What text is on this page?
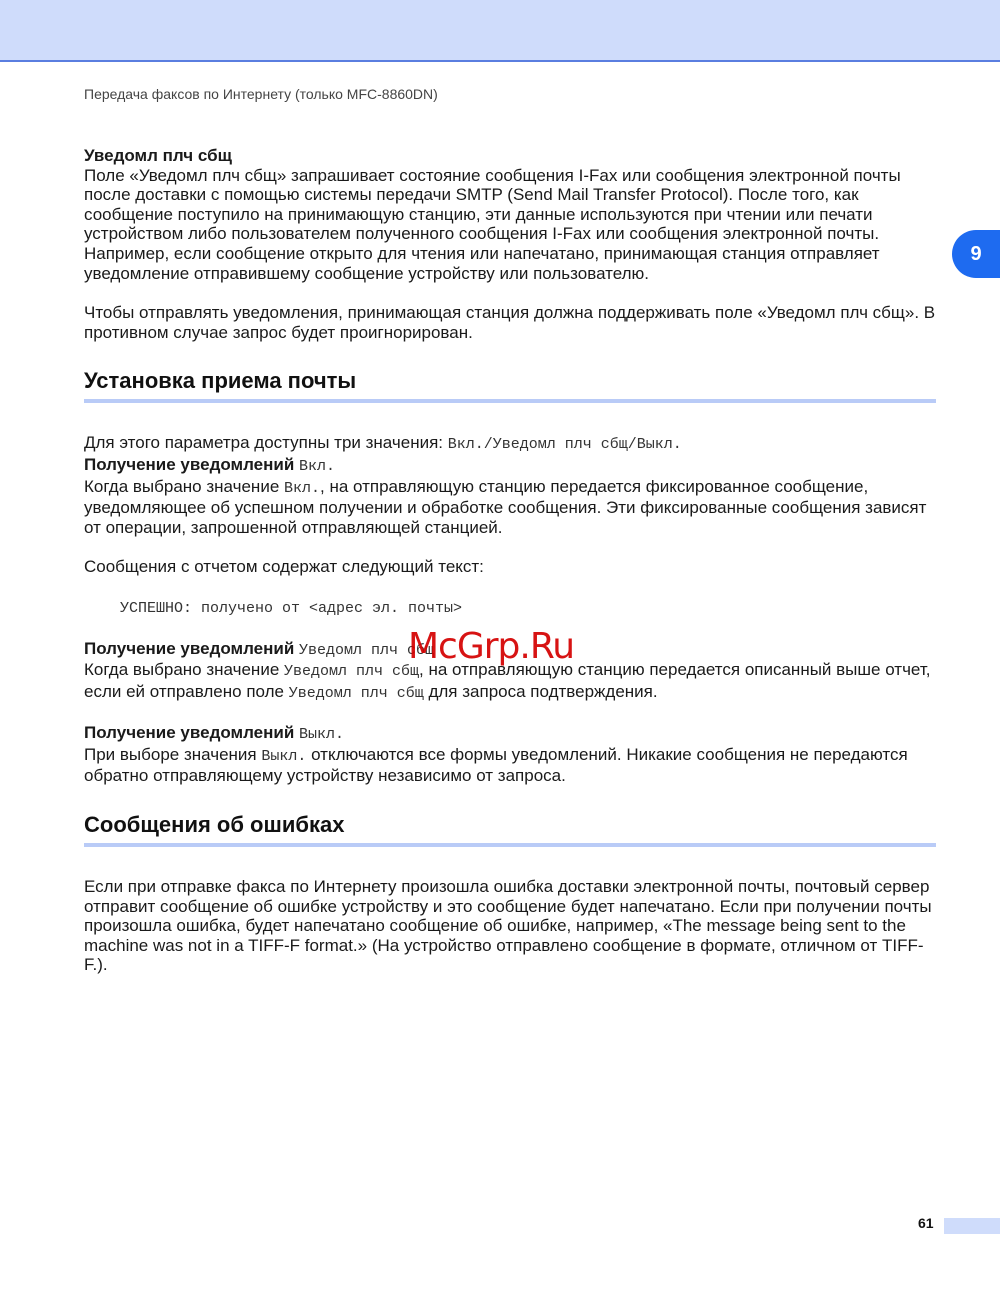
Передача факсов по Интернету (только MFC-8860DN)
9

Уведомл плч сбщ

Поле «Уведомл плч сбщ» запрашивает состояние сообщения I-Fax или сообщения электронной почты после доставки с помощью системы передачи SMTP (Send Mail Transfer Protocol). После того, как сообщение поступило на принимающую станцию, эти данные используются при чтении или печати устройством либо пользователем полученного сообщения I-Fax или сообщения электронной почты. Например, если сообщение открыто для чтения или напечатано, принимающая станция отправляет уведомление отправившему сообщение устройству или пользователю.

Чтобы отправлять уведомления, принимающая станция должна поддерживать поле «Уведомл плч сбщ». В противном случае запрос будет проигнорирован.

Установка приема почты

Для этого параметра доступны три значения: Вкл./Уведомл плч сбщ/Выкл.

Получение уведомлений Вкл.

Когда выбрано значение Вкл., на отправляющую станцию передается фиксированное сообщение, уведомляющее об успешном получении и обработке сообщения. Эти фиксированные сообщения зависят от операции, запрошенной отправляющей станцией.

Сообщения с отчетом содержат следующий текст:

УСПЕШНО: получено от <адрес эл. почты>

Получение уведомлений Уведомл плч сбщ

Когда выбрано значение Уведомл плч сбщ, на отправляющую станцию передается описанный выше отчет, если ей отправлено поле Уведомл плч сбщ для запроса подтверждения.

Получение уведомлений Выкл.

При выборе значения Выкл. отключаются все формы уведомлений. Никакие сообщения не передаются обратно отправляющему устройству независимо от запроса.

Сообщения об ошибках

Если при отправке факса по Интернету произошла ошибка доставки электронной почты, почтовый сервер отправит сообщение об ошибке устройству и это сообщение будет напечатано. Если при получении почты произошла ошибка, будет напечатано сообщение об ошибке, например, «The message being sent to the machine was not in a TIFF-F format.» (На устройство отправлено сообщение в формате, отличном от TIFF-F.).

McGrp.Ru
61
